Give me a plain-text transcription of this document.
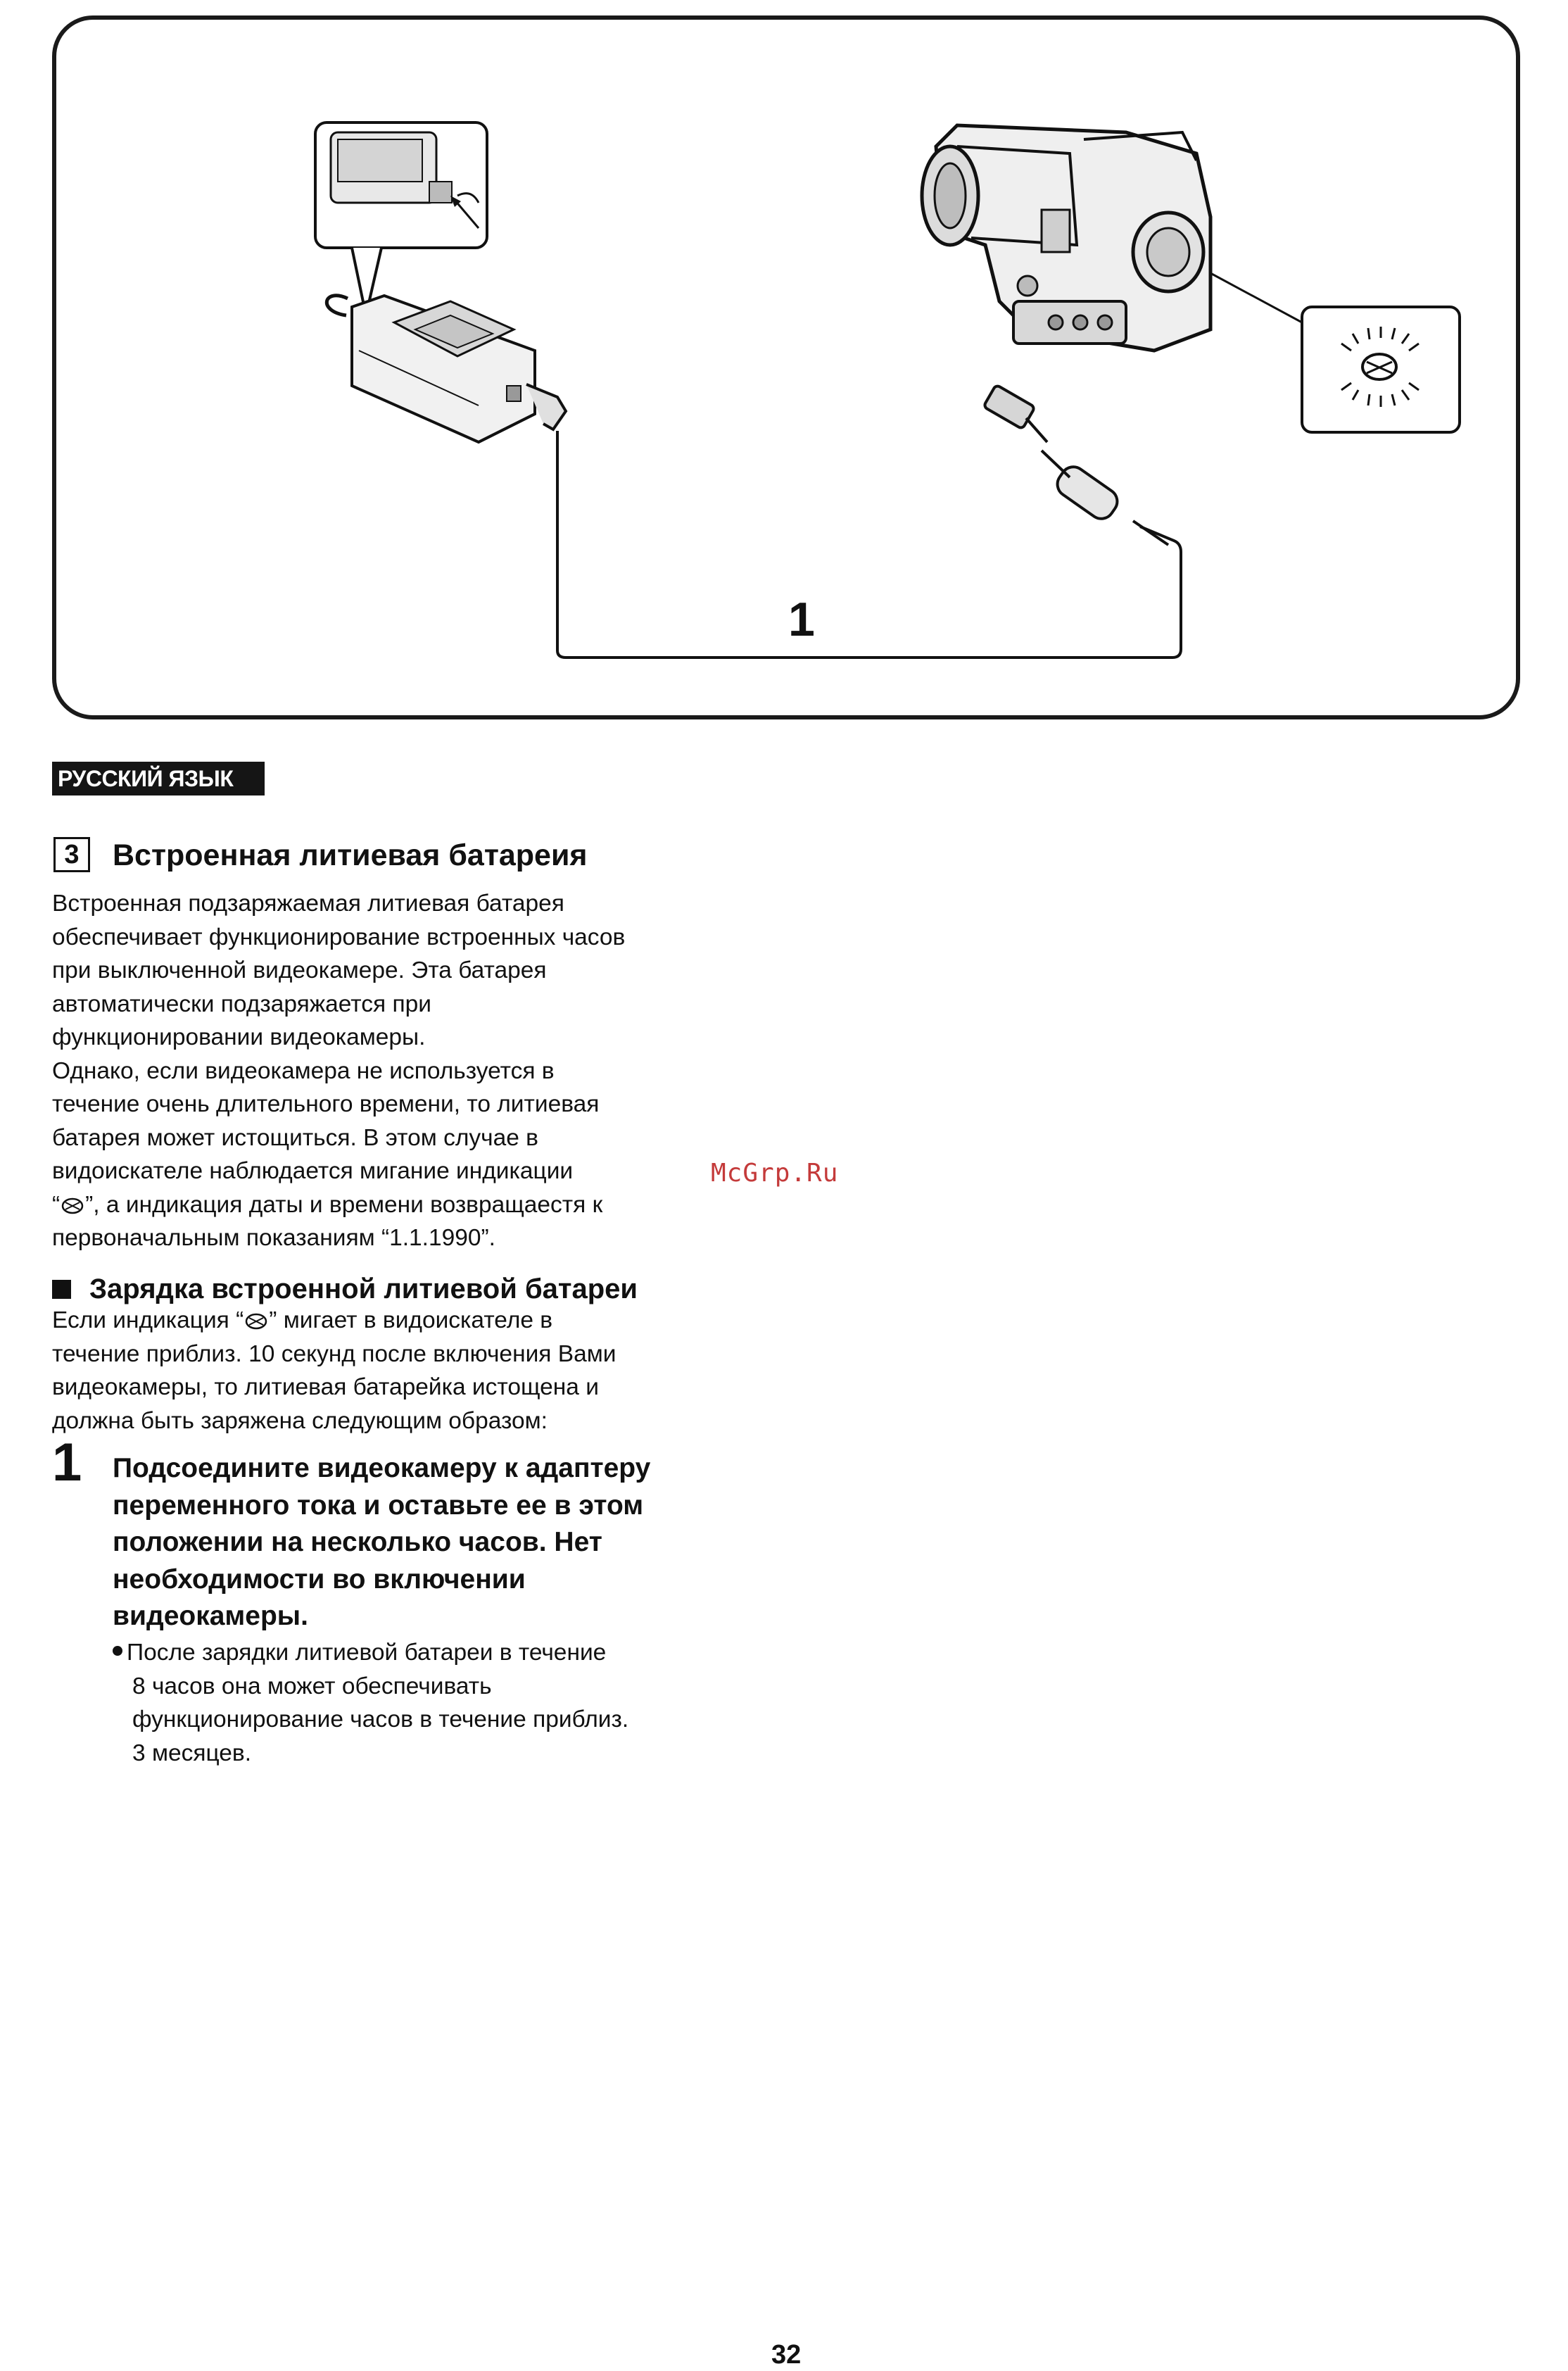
1
РУССКИЙ ЯЗЫК
3	Встроенная литиевая батареия

Встроенная подзаряжаемая литиевая батарея
обеспечивает функционирование встроенных часов
при выключенной видеокамере. Эта батарея
автоматически подзаряжается при
функционировании видеокамеры.
Однако, если видеокамера не используется в
течение очень длительного времени, то литиевая
батарея может истощиться. В этом случае в
видоискателе наблюдается мигание индикации
“ ”, а индикация даты и времени возвращаестя к
первоначальным показаниям “1.1.1990”.

McGrp.Ru
Зарядка встроенной литиевой батареи

Если индикация “ ” мигает в видоискателе в
течение приблиз. 10 секунд после включения Вами
видеокамеры, то литиевая батарейка истощена и
должна быть заряжена следующим образом:

1 Подсоедините видеокамеру к адаптеру
переменного тока и оставьте ее в этом
положении на несколько часов. Нет
необходимости во включении
видеокамеры.

После зарядки литиевой батареи в течение
8 часов она может обеспечивать
функционирование часов в течение приблиз.
3 месяцев.

32
